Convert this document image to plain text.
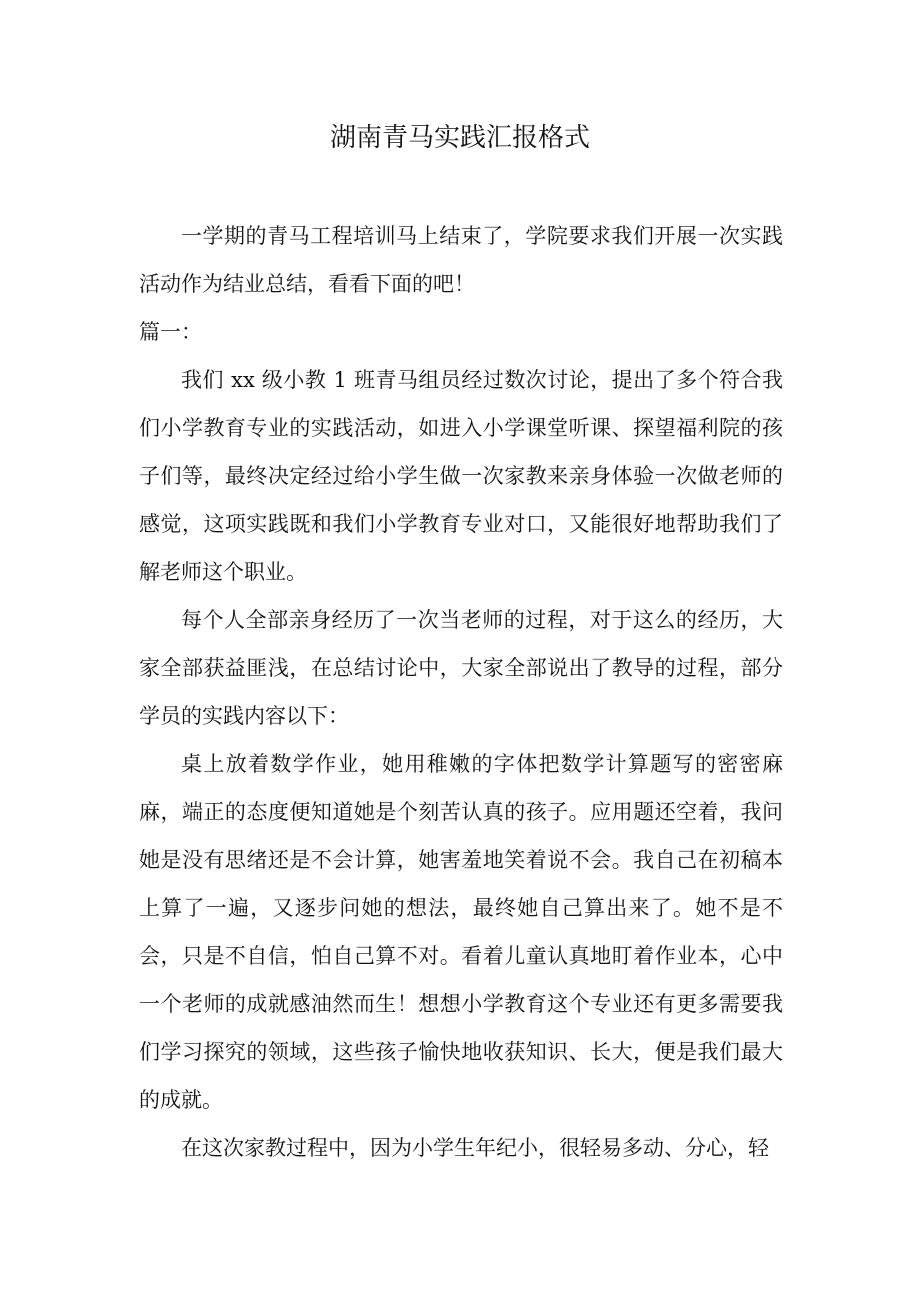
湖南青马实践汇报格式

一学期的青马工程培训马上结束了，学院要求我们开展一次实践活动作为结业总结，看看下面的吧！

篇一：

我们 xx 级小教 1 班青马组员经过数次讨论，提出了多个符合我们小学教育专业的实践活动，如进入小学课堂听课、探望福利院的孩子们等，最终决定经过给小学生做一次家教来亲身体验一次做老师的感觉，这项实践既和我们小学教育专业对口，又能很好地帮助我们了解老师这个职业。

每个人全部亲身经历了一次当老师的过程，对于这么的经历，大家全部获益匪浅，在总结讨论中，大家全部说出了教导的过程，部分学员的实践内容以下：

桌上放着数学作业，她用稚嫩的字体把数学计算题写的密密麻麻，端正的态度便知道她是个刻苦认真的孩子。应用题还空着，我问她是没有思绪还是不会计算，她害羞地笑着说不会。我自己在初稿本上算了一遍，又逐步问她的想法，最终她自己算出来了。她不是不会，只是不自信，怕自己算不对。看着儿童认真地盯着作业本，心中一个老师的成就感油然而生！想想小学教育这个专业还有更多需要我们学习探究的领域，这些孩子愉快地收获知识、长大，便是我们最大的成就。

在这次家教过程中，因为小学生年纪小，很轻易多动、分心，轻
